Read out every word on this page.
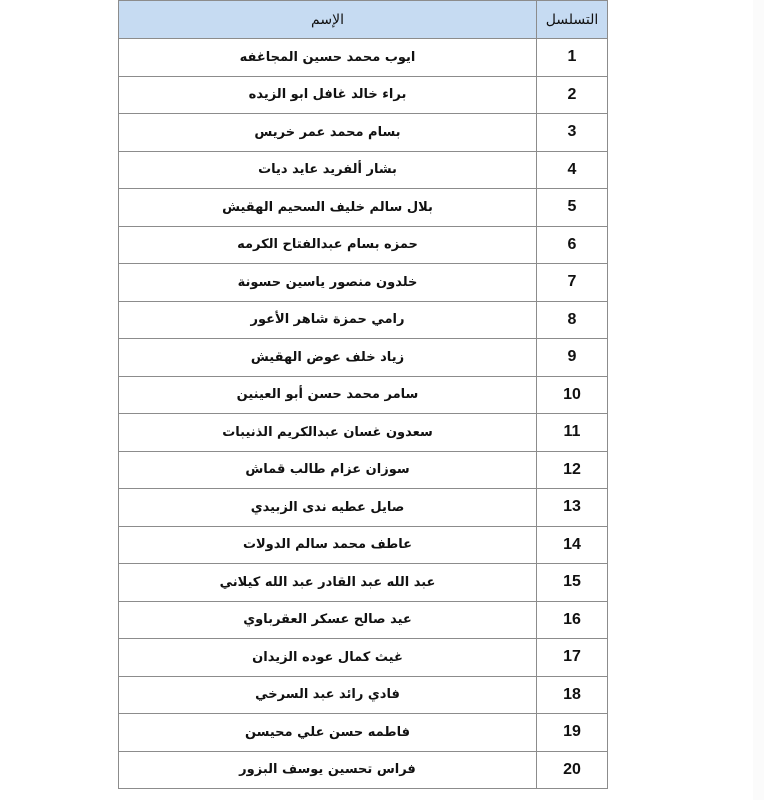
التسلسل	الإسم
1	ايوب محمد حسين المجاغفه
2	براء خالد غافل ابو الزيده
3	بسام محمد عمر خريس
4	بشار ألفريد عايد ديات
5	بلال سالم خليف السحيم الهقيش
6	حمزه بسام عبدالفتاح الكرمه
7	خلدون منصور ياسين حسونة
8	رامي حمزة شاهر الأعور
9	زياد خلف عوض الهقيش
10	سامر محمد حسن أبو العينين
11	سعدون غسان عبدالكريم الذنيبات
12	سوزان عزام طالب قماش
13	صايل عطيه ندى الزبيدي
14	عاطف محمد سالم الدولات
15	عبد الله عبد القادر عبد الله كيلاني
16	عيد صالح عسكر العقرباوي
17	غيث كمال عوده الزيدان
18	فادي رائد عبد السرخي
19	فاطمه حسن علي محيسن
20	فراس تحسين يوسف البزور
